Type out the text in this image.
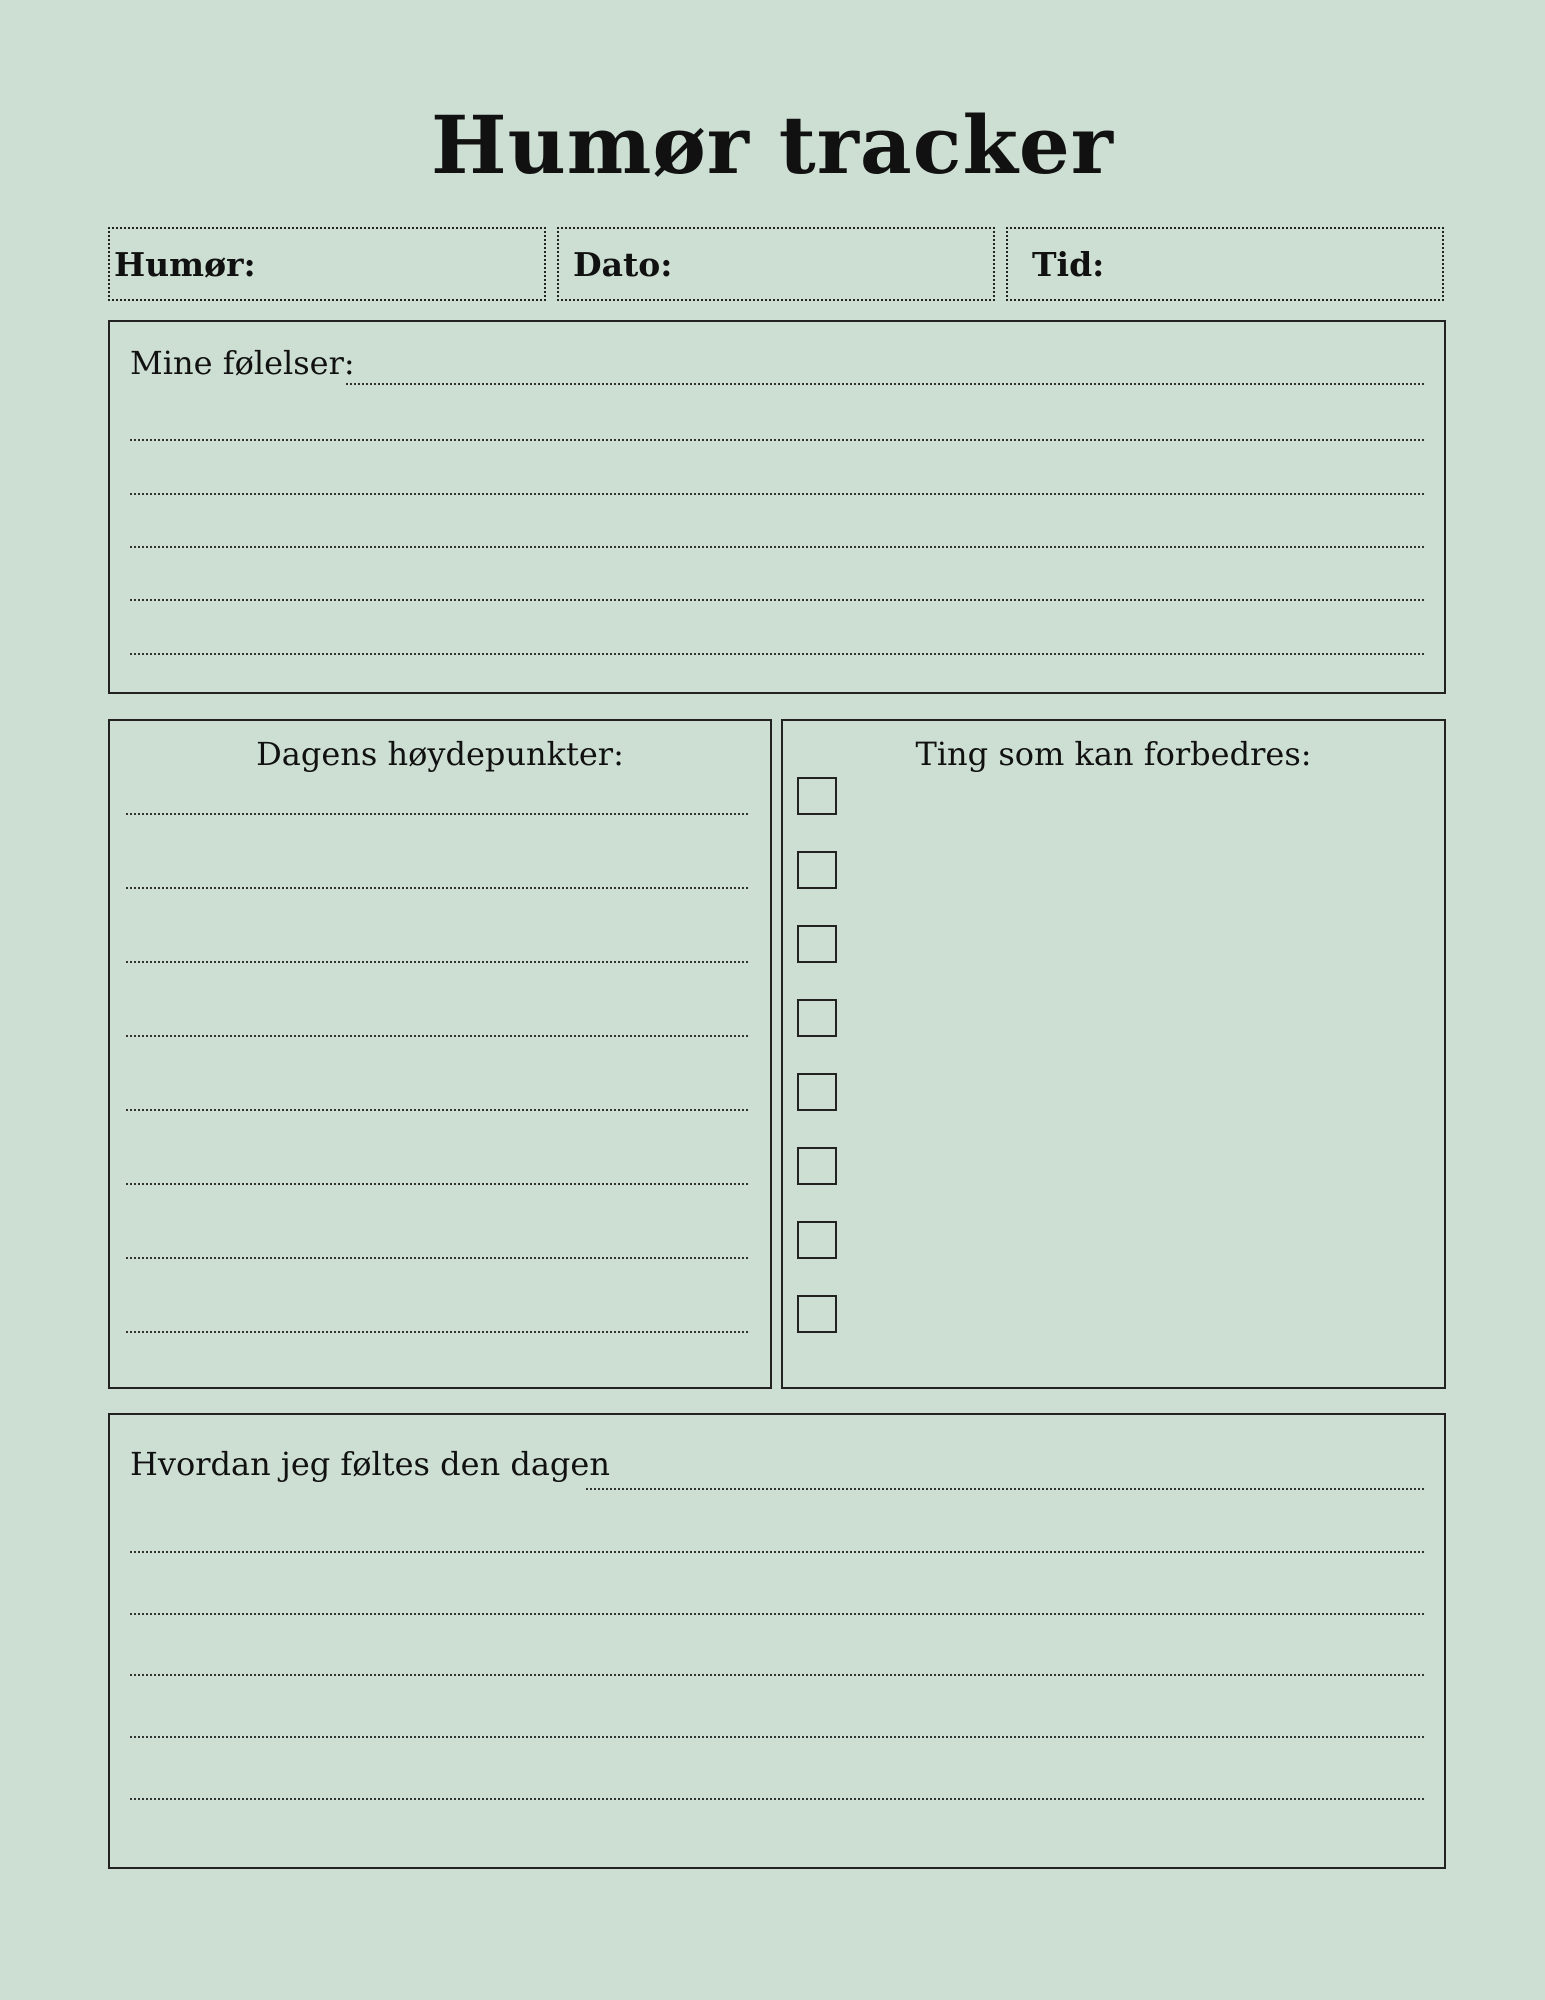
Humør tracker
Humør:	Dato:	Tid:
Mine følelser:
Dagens høydepunkter:	Ting som kan forbedres:
Hvordan jeg føltes den dagen
